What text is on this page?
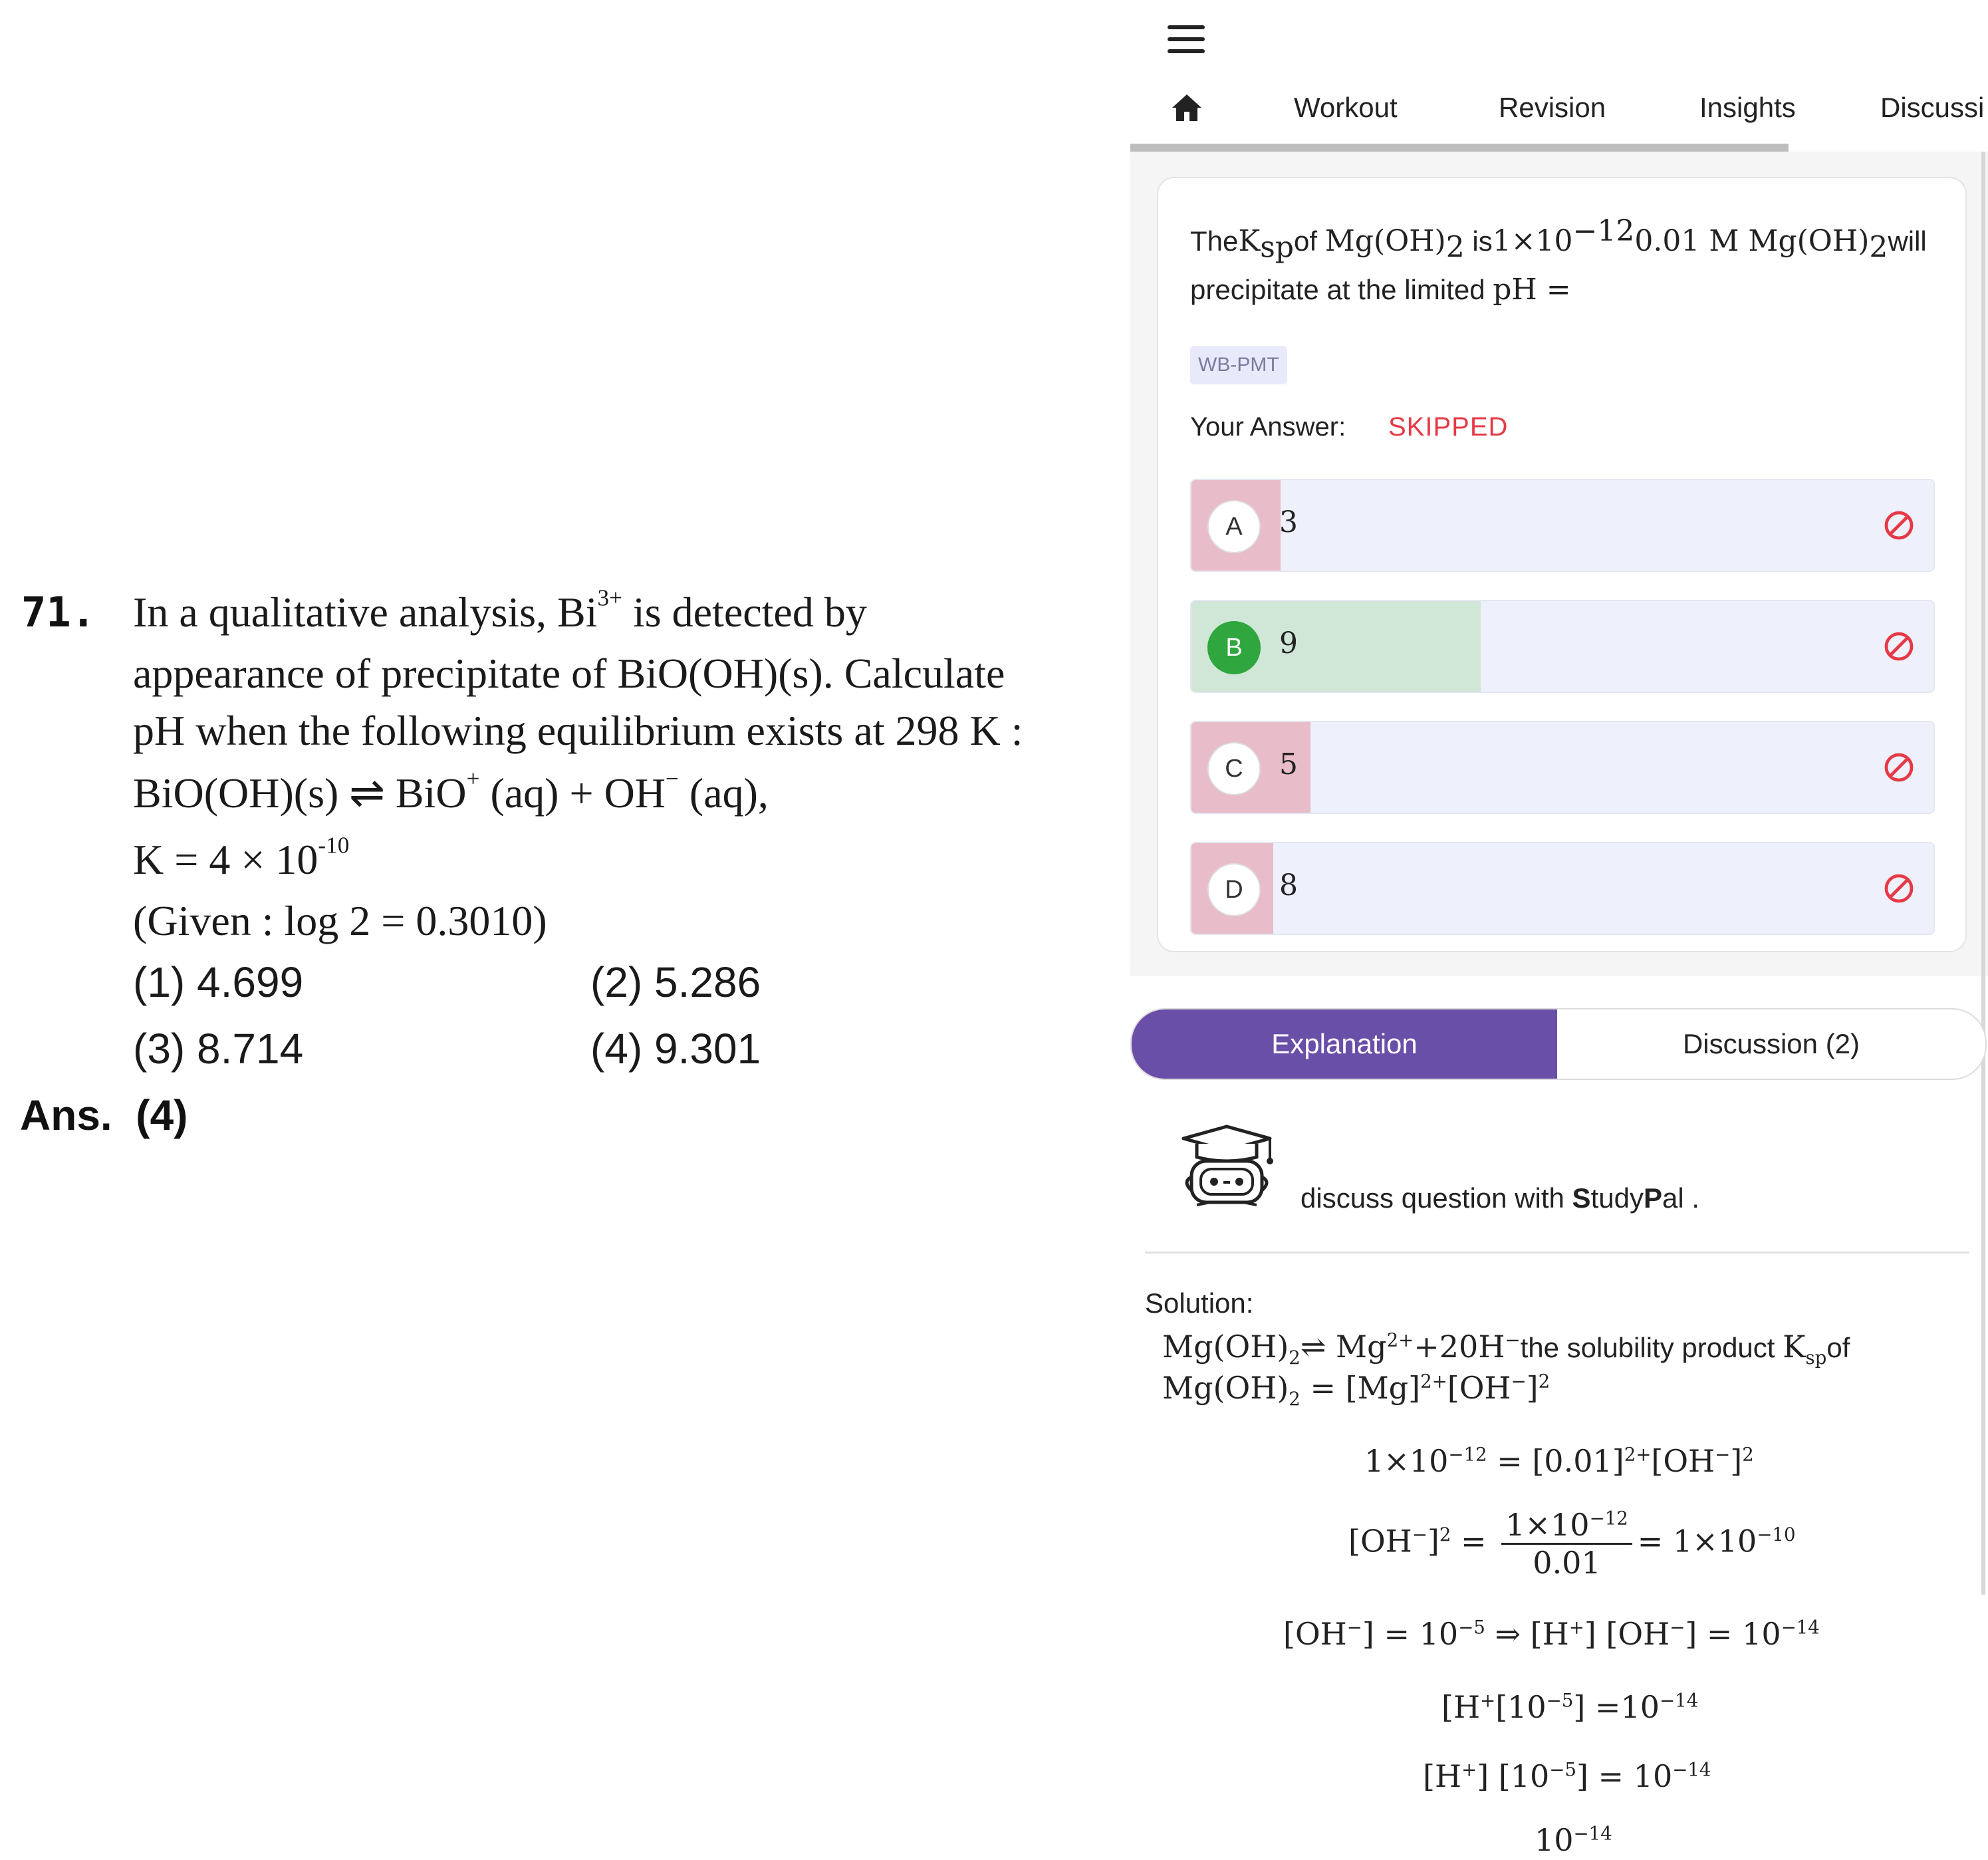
71. In a qualitative analysis, $Bi^{3+}$ is detected by
appearance of precipitate of BiO(OH)(s). Calculate
pH when the following equilibrium exists at 298 K :
BiO(OH)(s) ⇌ BiO+ (aq) + OH− (aq),
$K = 4 \times 10^{-10}$
(Given : log 2 = 0.3010)
(1) 4.699	(2) 5.286
(3) 8.714	(4) 9.301
Ans. (4)
Workout	Revision	Insights	Discussi
TheK$_{sp}$of $Mg(OH)_2$ $is1\times 10^{-12}0.01$ M $Mg(OH)_2will$
precipitate at the limited pH =
WB-PMT
Your Answer: SKIPPED
A	3
B	9
C	5
D	8
Explanation	Discussion (2)
discuss question with StudyPal .
Solution:
$Mg(OH)_2\rightleftharpoons$ $Mg^{2+}+20H^-the$ solubility product $K_{sp}of$
$Mg(OH)_2 = [Mg]^{2+}[OH^-]^2$
$1\times 10^{-12} = [0.01]^{2+}[OH^-]^2$
$[OH^-]^2 = \frac{1\times 10^{-12}}{0.01} = 1\times 10^{-10}$
$[OH^-] = 10^{-5}$ ⇒ [H+] $[OH^-] = 10^{-14}$
[$H^+[10^{-5}] =10^{-14}$
[H+] $[10^{-5}] = 10^{-14}$
$10^{-14}$
